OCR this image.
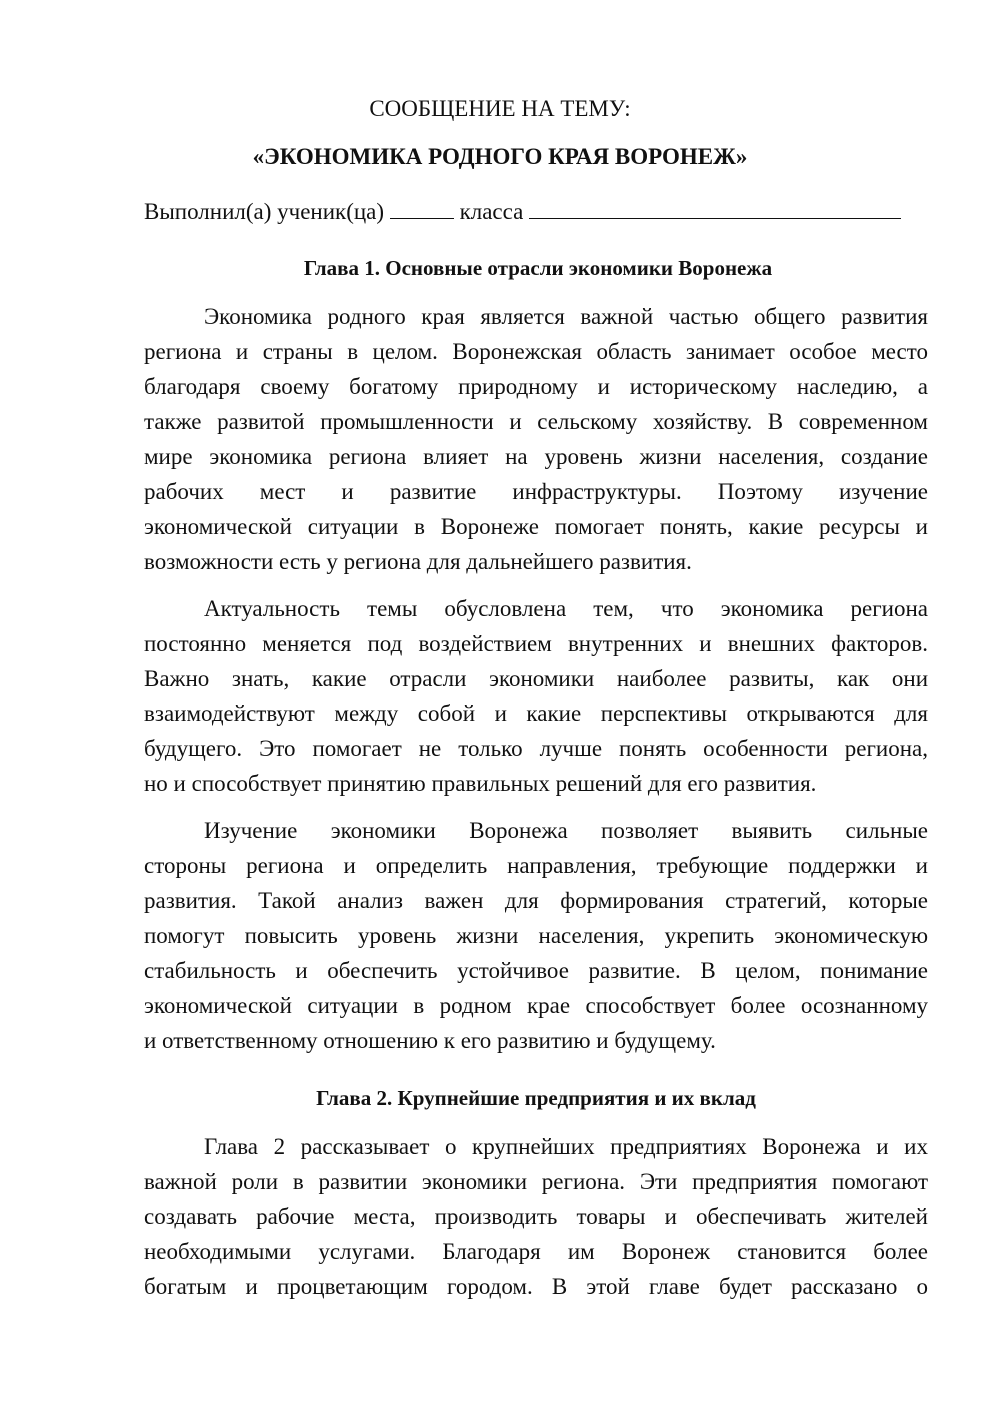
СООБЩЕНИЕ НА ТЕМУ:
«ЭКОНОМИКА РОДНОГО КРАЯ ВОРОНЕЖ»
Выполнил(а) ученик(ца)	класса
Глава 1. Основные отрасли экономики Воронежа
Экономика родного края является важной частью общего развития
региона и страны в целом. Воронежская область занимает особое место
благодаря своему богатому природному и историческому наследию, а
также развитой промышленности и сельскому хозяйству. В современном
мире экономика региона влияет на уровень жизни населения, создание
рабочих мест и развитие инфраструктуры. Поэтому изучение
экономической ситуации в Воронеже помогает понять, какие ресурсы и
возможности есть у региона для дальнейшего развития.
Актуальность темы обусловлена тем, что экономика региона
постоянно меняется под воздействием внутренних и внешних факторов.
Важно знать, какие отрасли экономики наиболее развиты, как они
взаимодействуют между собой и какие перспективы открываются для
будущего. Это помогает не только лучше понять особенности региона,
но и способствует принятию правильных решений для его развития.
Изучение экономики Воронежа позволяет выявить сильные
стороны региона и определить направления, требующие поддержки и
развития. Такой анализ важен для формирования стратегий, которые
помогут повысить уровень жизни населения, укрепить экономическую
стабильность и обеспечить устойчивое развитие. В целом, понимание
экономической ситуации в родном крае способствует более осознанному
и ответственному отношению к его развитию и будущему.
Глава 2. Крупнейшие предприятия и их вклад
Глава 2 рассказывает о крупнейших предприятиях Воронежа и их
важной роли в развитии экономики региона. Эти предприятия помогают
создавать рабочие места, производить товары и обеспечивать жителей
необходимыми услугами. Благодаря им Воронеж становится более
богатым и процветающим городом. В этой главе будет рассказано о
